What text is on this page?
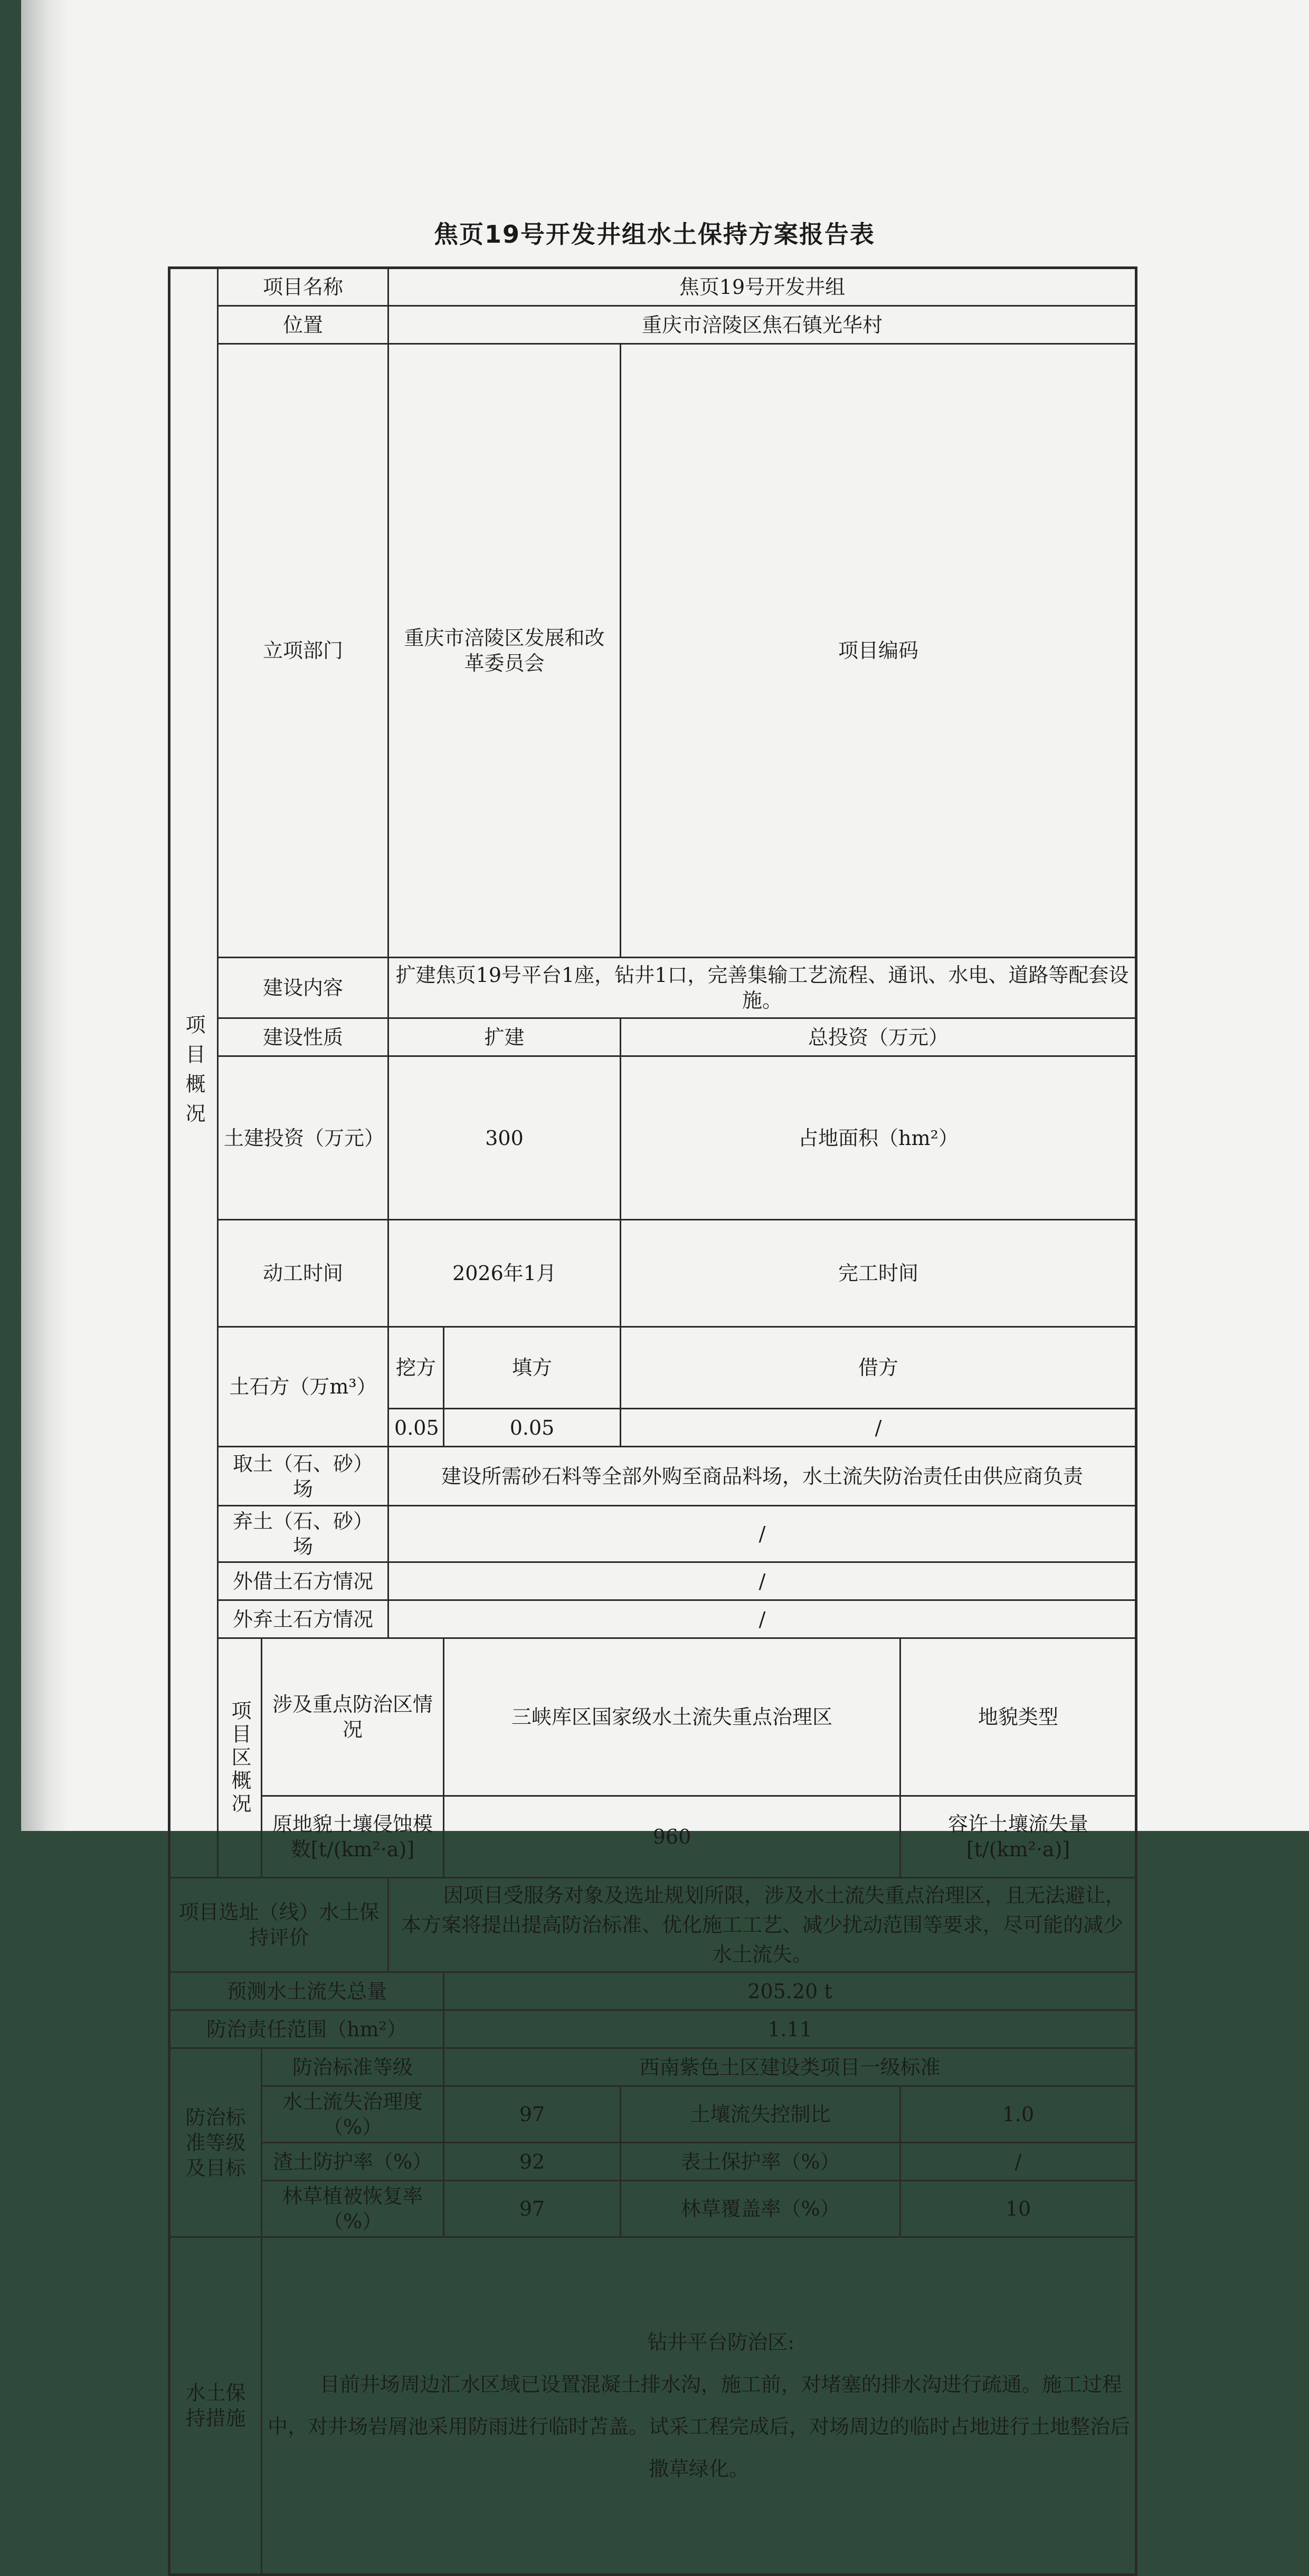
焦页19号开发井组水土保持方案报告表
项目概况	项目名称		焦页19号开发井组				
	位置		重庆市涪陵区焦石镇光华村				
	立项部门		重庆市涪陵区发展和改革委员会		项目编码	
	建设内容		扩建焦页19号平台1座，钻井1口，完善集输工艺流程、通讯、水电、道路等配套设施。				
	建设性质		扩建		总投资（万元）	
	土建投资（万元）		300		占地面积（hm²）	

	动工时间		2026年1月		完工时间	
	土石方（万m³）		挖方	填方	借方	
			0.05	0.05	/	
	取土（石、砂）场		建设所需砂石料等全部外购至商品料场，水土流失防治责任由供应商负责				
	弃土（石、砂）场		/				
	外借土石方情况		/				
	外弃土石方情况		/				
	项目区概况	涉及重点防治区情况		三峡库区国家级水土流失重点治理区		地貌类型	
		原地貌土壤侵蚀模数[t/(km²·a)]		960		容许土壤流失量[t/(km²·a)]	
项目选址（线）水土保持评价			因项目受服务对象及选址规划所限，涉及水土流失重点治理区，且无法避让，本方案将提出提高防治标准、优化施工工艺、减少扰动范围等要求，尽可能的减少水土流失。				
预测水土流失总量				205.20 t			
防治责任范围（hm²）				1.11			
防治标准等级及目标		防治标准等级		西南紫色土区建设类项目一级标准			
		水土流失治理度（%）		97	土壤流失控制比	1.0	
		渣土防护率（%）		92	表土保护率（%）	/	
		林草植被恢复率（%）		97	林草覆盖率（%）	10	
水土保持措施		钻井平台防治区:

目前井场周边汇水区域已设置混凝土排水沟，施工前，对堵塞的排水沟进行疏通。施工过程中，对井场岩屑池采用防雨进行临时苫盖。试采工程完成后，对场周边的临时占地进行土地整治后撒草绿化。					
